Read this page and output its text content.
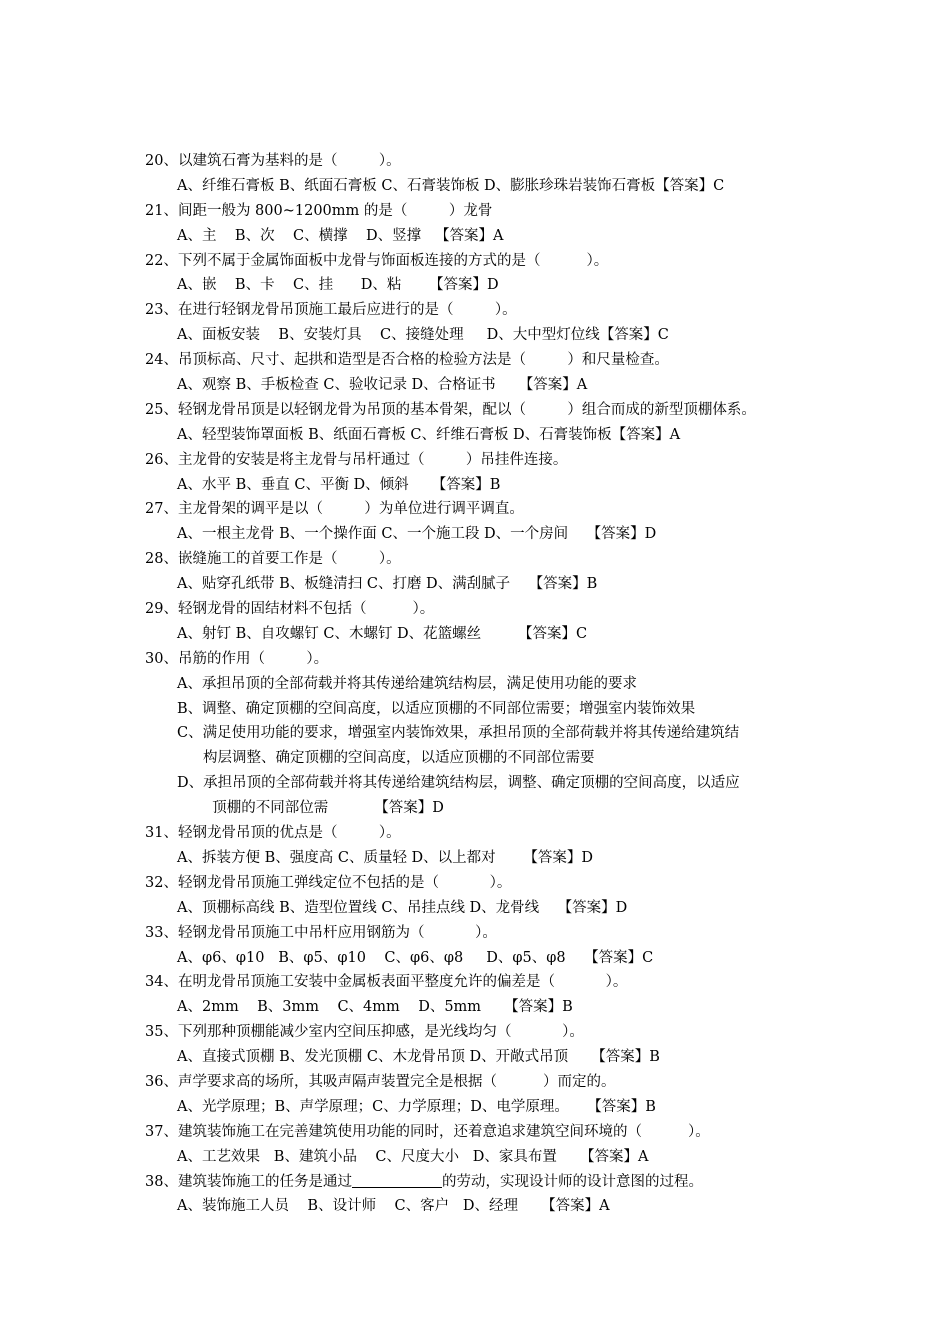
20、以建筑石膏为基料的是（         ）。
A、纤维石膏板 B、纸面石膏板 C、石膏装饰板 D、膨胀珍珠岩装饰石膏板【答案】C
21、间距一般为 800~1200mm 的是（         ）龙骨
A、主    B、次    C、横撑    D、竖撑   【答案】A
22、下列不属于金属饰面板中龙骨与饰面板连接的方式的是（          ）。
A、嵌    B、卡    C、挂      D、粘      【答案】D
23、在进行轻钢龙骨吊顶施工最后应进行的是（         ）。
A、面板安装    B、安装灯具    C、接缝处理     D、大中型灯位线【答案】C
24、吊顶标高、尺寸、起拱和造型是否合格的检验方法是（         ）和尺量检查。
A、观察 B、手板检查 C、验收记录 D、合格证书     【答案】A
25、轻钢龙骨吊顶是以轻钢龙骨为吊顶的基本骨架，配以（         ）组合而成的新型顶棚体系。
A、轻型装饰罩面板 B、纸面石膏板 C、纤维石膏板 D、石膏装饰板【答案】A
26、主龙骨的安装是将主龙骨与吊杆通过（         ）吊挂件连接。
A、水平 B、垂直 C、平衡 D、倾斜     【答案】B
27、主龙骨架的调平是以（         ）为单位进行调平调直。
A、一根主龙骨 B、一个操作面 C、一个施工段 D、一个房间    【答案】D
28、嵌缝施工的首要工作是（         ）。
A、贴穿孔纸带 B、板缝清扫 C、打磨 D、满刮腻子    【答案】B
29、轻钢龙骨的固结材料不包括（          ）。
A、射钉 B、自攻螺钉 C、木螺钉 D、花篮螺丝        【答案】C
30、吊筋的作用（         ）。
A、承担吊顶的全部荷载并将其传递给建筑结构层，满足使用功能的要求
B、调整、确定顶棚的空间高度，以适应顶棚的不同部位需要；增强室内装饰效果
C、满足使用功能的要求，增强室内装饰效果，承担吊顶的全部荷载并将其传递给建筑结
构层调整、确定顶棚的空间高度，以适应顶棚的不同部位需要
D、承担吊顶的全部荷载并将其传递给建筑结构层，调整、确定顶棚的空间高度，以适应
顶棚的不同部位需          【答案】D
31、轻钢龙骨吊顶的优点是（         ）。
A、拆装方便 B、强度高 C、质量轻 D、以上都对      【答案】D
32、轻钢龙骨吊顶施工弹线定位不包括的是（           ）。
A、顶棚标高线 B、造型位置线 C、吊挂点线 D、龙骨线    【答案】D
33、轻钢龙骨吊顶施工中吊杆应用钢筋为（           ）。
A、φ6、φ10   B、φ5、φ10    C、φ6、φ8     D、φ5、φ8    【答案】C
34、在明龙骨吊顶施工安装中金属板表面平整度允许的偏差是（           ）。
A、2mm    B、3mm    C、4mm    D、5mm     【答案】B
35、下列那种顶棚能减少室内空间压抑感，是光线均匀（           ）。
A、直接式顶棚 B、发光顶棚 C、木龙骨吊顶 D、开敞式吊顶     【答案】B
36、声学要求高的场所，其吸声隔声装置完全是根据（          ）而定的。
A、光学原理；B、声学原理；C、力学原理；D、电学原理。    【答案】B
37、建筑装饰施工在完善建筑使用功能的同时，还着意追求建筑空间环境的（          ）。
A、工艺效果   B、建筑小品    C、尺度大小   D、家具布置     【答案】A
38、建筑装饰施工的任务是通过	的劳动，实现设计师的设计意图的过程。
A、装饰施工人员    B、设计师    C、客户   D、经理     【答案】A
